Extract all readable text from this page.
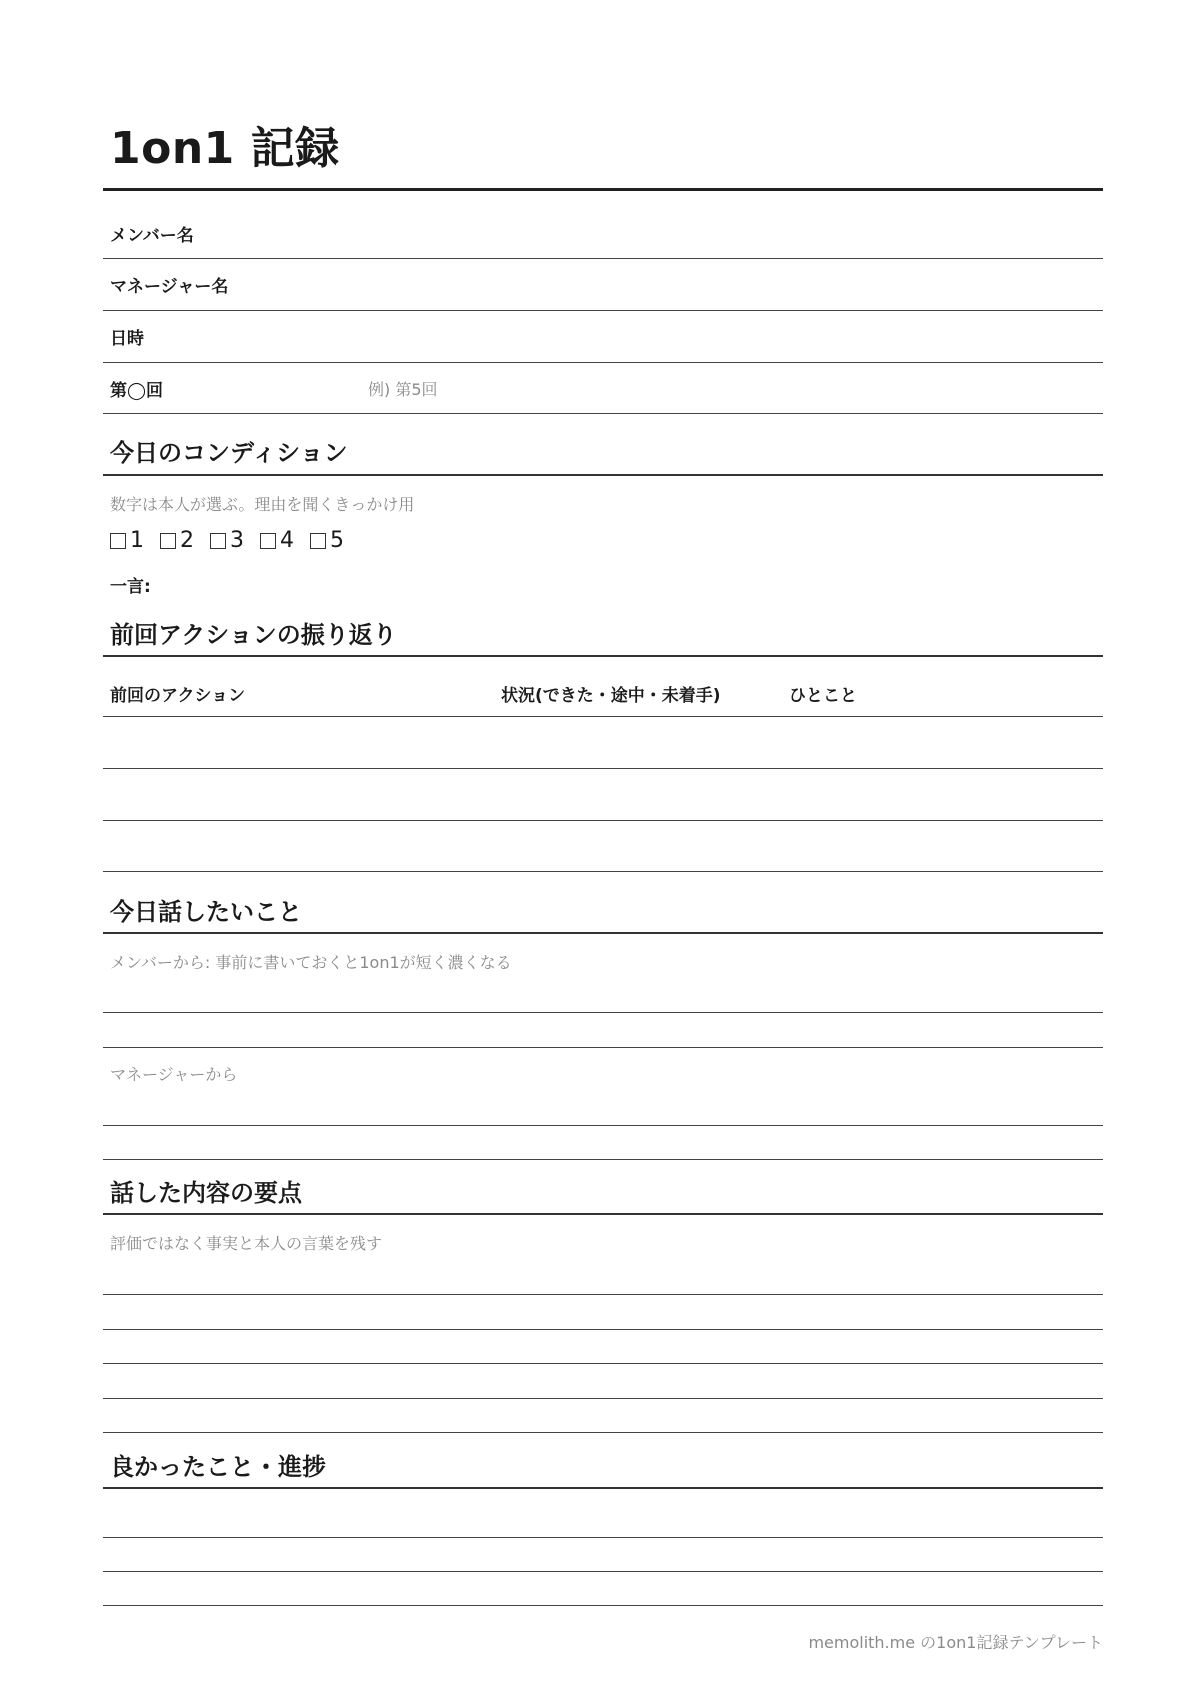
1on1 記録
メンバー名
マネージャー名
日時
第◯回	例) 第5回
今日のコンディション
数字は本人が選ぶ。理由を聞くきっかけ用
1 2 3 4 5
一言:
前回アクションの振り返り
前回のアクション	状況(できた・途中・未着手)	ひとこと
今日話したいこと
メンバーから: 事前に書いておくと1on1が短く濃くなる
マネージャーから
話した内容の要点
評価ではなく事実と本人の言葉を残す
良かったこと・進捗
memolith.me の1on1記録テンプレート
